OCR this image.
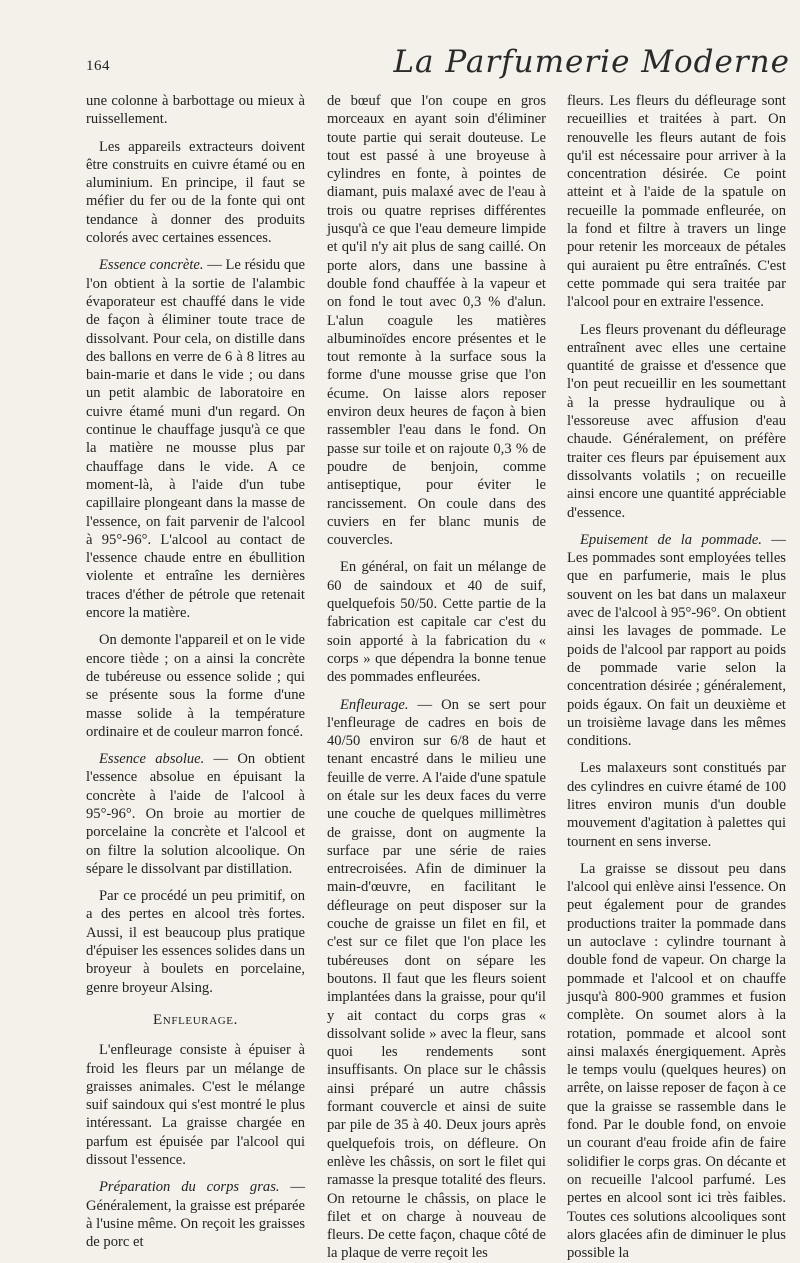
164	La Parfumerie Moderne

une colonne à barbottage ou mieux à ruissellement.

Les appareils extracteurs doivent être construits en cuivre étamé ou en aluminium. En principe, il faut se méfier du fer ou de la fonte qui ont tendance à donner des produits colorés avec certaines essences.

Essence concrète. — Le résidu que l'on obtient à la sortie de l'alambic évaporateur est chauffé dans le vide de façon à éliminer toute trace de dissolvant. Pour cela, on distille dans des ballons en verre de 6 à 8 litres au bain-marie et dans le vide ; ou dans un petit alambic de laboratoire en cuivre étamé muni d'un regard. On continue le chauffage jusqu'à ce que la matière ne mousse plus par chauffage dans le vide. A ce moment-là, à l'aide d'un tube capillaire plongeant dans la masse de l'essence, on fait parvenir de l'alcool à 95°-96°. L'alcool au contact de l'essence chaude entre en ébullition violente et entraîne les dernières traces d'éther de pétrole que retenait encore la matière.

On demonte l'appareil et on le vide encore tiède ; on a ainsi la concrète de tubéreuse ou essence solide ; qui se présente sous la forme d'une masse solide à la température ordinaire et de couleur marron foncé.

Essence absolue. — On obtient l'essence absolue en épuisant la concrète à l'aide de l'alcool à 95°-96°. On broie au mortier de porcelaine la concrète et l'alcool et on filtre la solution alcoolique. On sépare le dissolvant par distillation.

Par ce procédé un peu primitif, on a des pertes en alcool très fortes. Aussi, il est beaucoup plus pratique d'épuiser les essences solides dans un broyeur à boulets en porcelaine, genre broyeur Alsing.

Enfleurage.

L'enfleurage consiste à épuiser à froid les fleurs par un mélange de graisses animales. C'est le mélange suif saindoux qui s'est montré le plus intéressant. La graisse chargée en parfum est épuisée par l'alcool qui dissout l'essence.

Préparation du corps gras. — Généralement, la graisse est préparée à l'usine même. On reçoit les graisses de porc et

de bœuf que l'on coupe en gros morceaux en ayant soin d'éliminer toute partie qui serait douteuse. Le tout est passé à une broyeuse à cylindres en fonte, à pointes de diamant, puis malaxé avec de l'eau à trois ou quatre reprises différentes jusqu'à ce que l'eau demeure limpide et qu'il n'y ait plus de sang caillé. On porte alors, dans une bassine à double fond chauffée à la vapeur et on fond le tout avec 0,3 % d'alun. L'alun coagule les matières albuminoïdes encore présentes et le tout remonte à la surface sous la forme d'une mousse grise que l'on écume. On laisse alors reposer environ deux heures de façon à bien rassembler l'eau dans le fond. On passe sur toile et on rajoute 0,3 % de poudre de benjoin, comme antiseptique, pour éviter le rancissement. On coule dans des cuviers en fer blanc munis de couvercles.

En général, on fait un mélange de 60 de saindoux et 40 de suif, quelquefois 50/50. Cette partie de la fabrication est capitale car c'est du soin apporté à la fabrication du « corps » que dépendra la bonne tenue des pommades enfleurées.

Enfleurage. — On se sert pour l'enfleurage de cadres en bois de 40/50 environ sur 6/8 de haut et tenant encastré dans le milieu une feuille de verre. A l'aide d'une spatule on étale sur les deux faces du verre une couche de quelques millimètres de graisse, dont on augmente la surface par une série de raies entrecroisées. Afin de diminuer la main-d'œuvre, en facilitant le défleurage on peut disposer sur la couche de graisse un filet en fil, et c'est sur ce filet que l'on place les tubéreuses dont on sépare les boutons. Il faut que les fleurs soient implantées dans la graisse, pour qu'il y ait contact du corps gras « dissolvant solide » avec la fleur, sans quoi les rendements sont insuffisants. On place sur le châssis ainsi préparé un autre châssis formant couvercle et ainsi de suite par pile de 35 à 40. Deux jours après quelquefois trois, on défleure. On enlève les châssis, on sort le filet qui ramasse la presque totalité des fleurs. On retourne le châssis, on place le filet et on charge à nouveau de fleurs. De cette façon, chaque côté de la plaque de verre reçoit les

fleurs. Les fleurs du défleurage sont recueillies et traitées à part. On renouvelle les fleurs autant de fois qu'il est nécessaire pour arriver à la concentration désirée. Ce point atteint et à l'aide de la spatule on recueille la pommade enfleurée, on la fond et filtre à travers un linge pour retenir les morceaux de pétales qui auraient pu être entraînés. C'est cette pommade qui sera traitée par l'alcool pour en extraire l'essence.

Les fleurs provenant du défleurage entraînent avec elles une certaine quantité de graisse et d'essence que l'on peut recueillir en les soumettant à la presse hydraulique ou à l'essoreuse avec affusion d'eau chaude. Généralement, on préfère traiter ces fleurs par épuisement aux dissolvants volatils ; on recueille ainsi encore une quantité appréciable d'essence.

Epuisement de la pommade. — Les pommades sont employées telles que en parfumerie, mais le plus souvent on les bat dans un malaxeur avec de l'alcool à 95°-96°. On obtient ainsi les lavages de pommade. Le poids de l'alcool par rapport au poids de pommade varie selon la concentration désirée ; généralement, poids égaux. On fait un deuxième et un troisième lavage dans les mêmes conditions.

Les malaxeurs sont constitués par des cylindres en cuivre étamé de 100 litres environ munis d'un double mouvement d'agitation à palettes qui tournent en sens inverse.

La graisse se dissout peu dans l'alcool qui enlève ainsi l'essence. On peut également pour de grandes productions traiter la pommade dans un autoclave : cylindre tournant à double fond de vapeur. On charge la pommade et l'alcool et on chauffe jusqu'à 800-900 grammes et fusion complète. On soumet alors à la rotation, pommade et alcool sont ainsi malaxés énergiquement. Après le temps voulu (quelques heures) on arrête, on laisse reposer de façon à ce que la graisse se rassemble dans le fond. Par le double fond, on envoie un courant d'eau froide afin de faire solidifier le corps gras. On décante et on recueille l'alcool parfumé. Les pertes en alcool sont ici très faibles. Toutes ces solutions alcooliques sont alors glacées afin de diminuer le plus possible la
